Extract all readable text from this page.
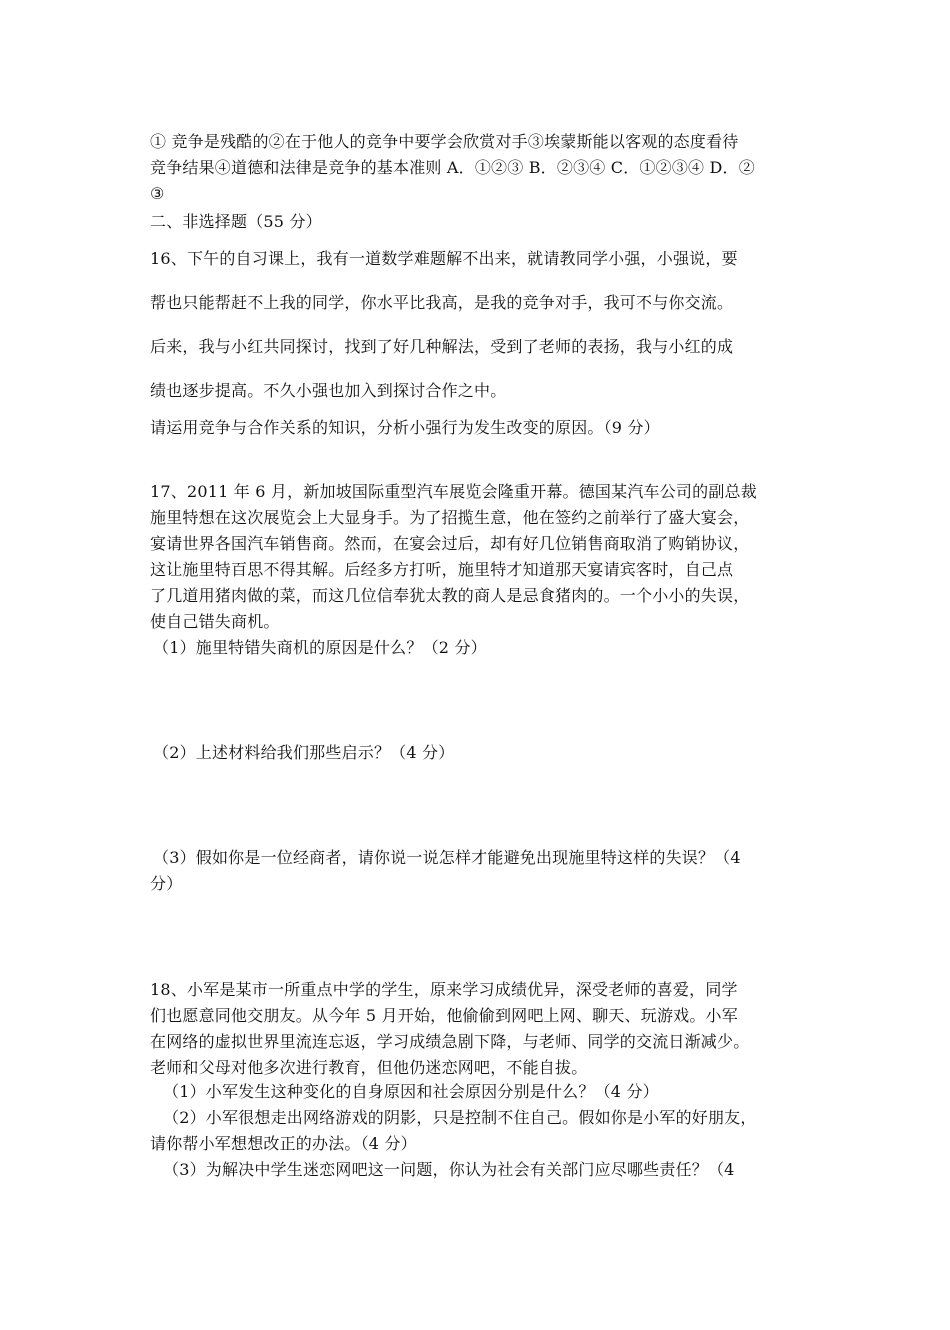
① 竞争是残酷的②在于他人的竞争中要学会欣赏对手③埃蒙斯能以客观的态度看待
竞争结果④道德和法律是竞争的基本准则 A．①②③ B．②③④ C．①②③④ D．②
③
二、非选择题（55 分）
16、下午的自习课上，我有一道数学难题解不出来，就请教同学小强，小强说，要
帮也只能帮赶不上我的同学，你水平比我高，是我的竞争对手，我可不与你交流。
后来，我与小红共同探讨，找到了好几种解法，受到了老师的表扬，我与小红的成
绩也逐步提高。不久小强也加入到探讨合作之中。
请运用竞争与合作关系的知识，分析小强行为发生改变的原因。（9 分）
17、2011 年 6 月，新加坡国际重型汽车展览会隆重开幕。德国某汽车公司的副总裁
施里特想在这次展览会上大显身手。为了招揽生意，他在签约之前举行了盛大宴会，
宴请世界各国汽车销售商。然而，在宴会过后，却有好几位销售商取消了购销协议，
这让施里特百思不得其解。后经多方打听，施里特才知道那天宴请宾客时，自己点
了几道用猪肉做的菜，而这几位信奉犹太教的商人是忌食猪肉的。一个小小的失误，
使自己错失商机。
（1）施里特错失商机的原因是什么？（2 分）
（2）上述材料给我们那些启示？（4 分）
（3）假如你是一位经商者，请你说一说怎样才能避免出现施里特这样的失误？（4
分）
18、小军是某市一所重点中学的学生，原来学习成绩优异，深受老师的喜爱，同学
们也愿意同他交朋友。从今年 5 月开始，他偷偷到网吧上网、聊天、玩游戏。小军
在网络的虚拟世界里流连忘返，学习成绩急剧下降，与老师、同学的交流日渐减少。
老师和父母对他多次进行教育，但他仍迷恋网吧，不能自拔。
（1）小军发生这种变化的自身原因和社会原因分别是什么？（4 分）
（2）小军很想走出网络游戏的阴影，只是控制不住自己。假如你是小军的好朋友，
请你帮小军想想改正的办法。（4 分）
（3）为解决中学生迷恋网吧这一问题，你认为社会有关部门应尽哪些责任？（4
